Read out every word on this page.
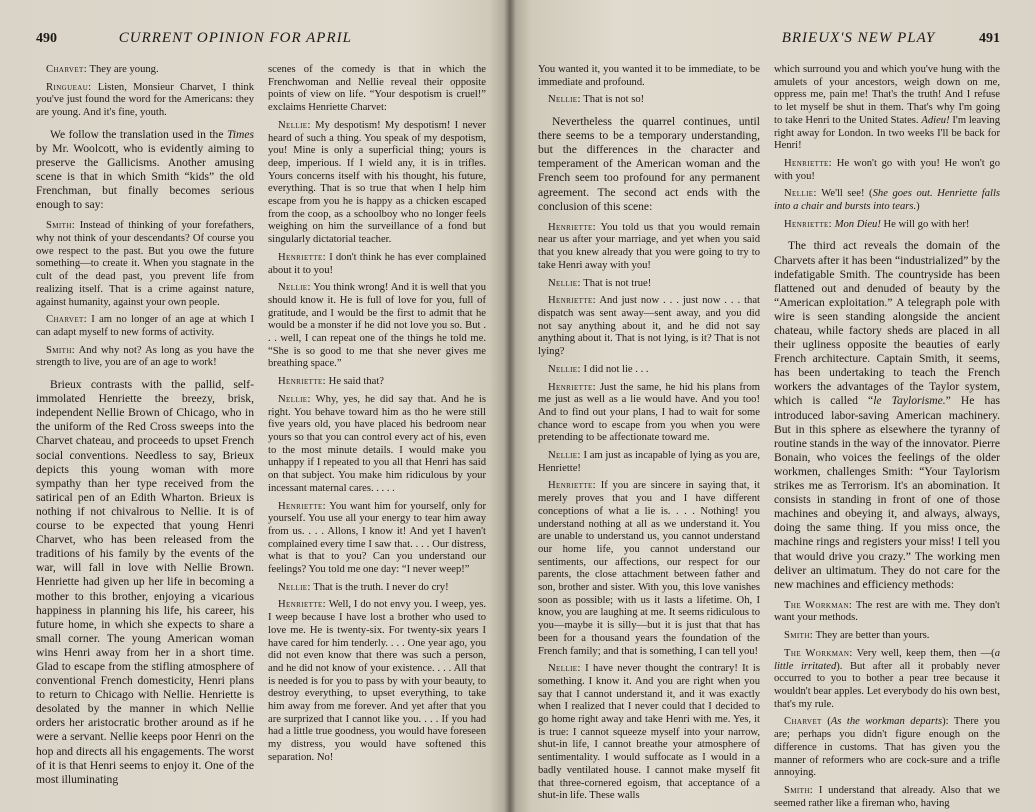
490	CURRENT OPINION FOR APRIL

Charvet: They are young.

Ringueau: Listen, Monsieur Charvet, I think you've just found the word for the Americans: they are young. And it's fine, youth.

We follow the translation used in the Times by Mr. Woolcott, who is evidently aiming to preserve the Gallicisms. Another amusing scene is that in which Smith “kids” the old Frenchman, but finally becomes serious enough to say:

Smith: Instead of thinking of your forefathers, why not think of your descendants? Of course you owe respect to the past. But you owe the future something—to create it. When you stagnate in the cult of the dead past, you prevent life from realizing itself. That is a crime against nature, against humanity, against your own people.

Charvet: I am no longer of an age at which I can adapt myself to new forms of activity.

Smith: And why not? As long as you have the strength to live, you are of an age to work!

Brieux contrasts with the pallid, self-immolated Henriette the breezy, brisk, independent Nellie Brown of Chicago, who in the uniform of the Red Cross sweeps into the Charvet chateau, and proceeds to upset French social conventions. Needless to say, Brieux depicts this young woman with more sympathy than her type received from the satirical pen of an Edith Wharton. Brieux is nothing if not chivalrous to Nellie. It is of course to be expected that young Henri Charvet, who has been released from the traditions of his family by the events of the war, will fall in love with Nellie Brown. Henriette had given up her life in becoming a mother to this brother, enjoying a vicarious happiness in planning his life, his career, his future home, in which she expects to share a small corner. The young American woman wins Henri away from her in a short time. Glad to escape from the stifling atmosphere of conventional French domesticity, Henri plans to return to Chicago with Nellie. Henriette is desolated by the manner in which Nellie orders her aristocratic brother around as if he were a servant. Nellie keeps poor Henri on the hop and directs all his engagements. The worst of it is that Henri seems to enjoy it. One of the most illuminating

scenes of the comedy is that in which the Frenchwoman and Nellie reveal their opposite points of view on life. “Your despotism is cruel!” exclaims Henriette Charvet:

Nellie: My despotism! My despotism! I never heard of such a thing. You speak of my despotism, you! Mine is only a superficial thing; yours is deep, imperious. If I wield any, it is in trifles. Yours concerns itself with his thought, his future, everything. That is so true that when I help him escape from you he is happy as a chicken escaped from the coop, as a schoolboy who no longer feels weighing on him the surveillance of a fond but singularly dictatorial teacher.

Henriette: I don't think he has ever complained about it to you!

Nellie: You think wrong! And it is well that you should know it. He is full of love for you, full of gratitude, and I would be the first to admit that he would be a monster if he did not love you so. But . . . well, I can repeat one of the things he told me. “She is so good to me that she never gives me breathing space.”

Henriette: He said that?

Nellie: Why, yes, he did say that. And he is right. You behave toward him as tho he were still five years old, you have placed his bedroom near yours so that you can control every act of his, even to the most minute details. I would make you unhappy if I repeated to you all that Henri has said on that subject. You make him ridiculous by your incessant maternal cares. . . . .

Henriette: You want him for yourself, only for yourself. You use all your energy to tear him away from us. . . . Allons, I know it! And yet I haven't complained every time I saw that. . . . Our distress, what is that to you? Can you understand our feelings? You told me one day: “I never weep!”

Nellie: That is the truth. I never do cry!

Henriette: Well, I do not envy you. I weep, yes. I weep because I have lost a brother who used to love me. He is twenty-six. For twenty-six years I have cared for him tenderly. . . . One year ago, you did not even know that there was such a person, and he did not know of your existence. . . . All that is needed is for you to pass by with your beauty, to destroy everything, to upset everything, to take him away from me forever. And yet after that you are surprized that I cannot like you. . . . If you had had a little true goodness, you would have foreseen my distress, you would have softened this separation. No!

BRIEUX'S NEW PLAY	491

You wanted it, you wanted it to be immediate, to be immediate and profound.

Nellie: That is not so!

Nevertheless the quarrel continues, until there seems to be a temporary understanding, but the differences in the character and temperament of the American woman and the French seem too profound for any permanent agreement. The second act ends with the conclusion of this scene:

Henriette: You told us that you would remain near us after your marriage, and yet when you said that you knew already that you were going to try to take Henri away with you!

Nellie: That is not true!

Henriette: And just now . . . just now . . . that dispatch was sent away—sent away, and you did not say anything about it, and he did not say anything about it. That is not lying, is it? That is not lying?

Nellie: I did not lie . . .

Henriette: Just the same, he hid his plans from me just as well as a lie would have. And you too! And to find out your plans, I had to wait for some chance word to escape from you when you were pretending to be affectionate toward me.

Nellie: I am just as incapable of lying as you are, Henriette!

Henriette: If you are sincere in saying that, it merely proves that you and I have different conceptions of what a lie is. . . . Nothing! you understand nothing at all as we understand it. You are unable to understand us, you cannot understand our home life, you cannot understand our sentiments, our affections, our respect for our parents, the close attachment between father and son, brother and sister. With you, this love vanishes soon as possible; with us it lasts a lifetime. Oh, I know, you are laughing at me. It seems ridiculous to you—maybe it is silly—but it is just that that has been for a thousand years the foundation of the French family; and that is something, I can tell you!

Nellie: I have never thought the contrary! It is something. I know it. And you are right when you say that I cannot understand it, and it was exactly when I realized that I never could that I decided to go home right away and take Henri with me. Yes, it is true: I cannot squeeze myself into your narrow, shut-in life, I cannot breathe your atmosphere of sentimentality. I would suffocate as I would in a badly ventilated house. I cannot make myself fit that three-cornered egoism, that acceptance of a shut-in life. These walls

which surround you and which you've hung with the amulets of your ancestors, weigh down on me, oppress me, pain me! That's the truth! And I refuse to let myself be shut in them. That's why I'm going to take Henri to the United States. Adieu! I'm leaving right away for London. In two weeks I'll be back for Henri!

Henriette: He won't go with you! He won't go with you!

Nellie: We'll see! (She goes out. Henriette falls into a chair and bursts into tears.)

Henriette: Mon Dieu! He will go with her!

The third act reveals the domain of the Charvets after it has been “industrialized” by the indefatigable Smith. The countryside has been flattened out and denuded of beauty by the “American exploitation.” A telegraph pole with wire is seen standing alongside the ancient chateau, while factory sheds are placed in all their ugliness opposite the beauties of early French architecture. Captain Smith, it seems, has been undertaking to teach the French workers the advantages of the Taylor system, which is called “le Taylorisme.” He has introduced labor-saving American machinery. But in this sphere as elsewhere the tyranny of routine stands in the way of the innovator. Pierre Bonain, who voices the feelings of the older workmen, challenges Smith: “Your Taylorism strikes me as Terrorism. It's an abomination. It consists in standing in front of one of those machines and obeying it, and always, always, doing the same thing. If you miss once, the machine rings and registers your miss! I tell you that would drive you crazy.” The working men deliver an ultimatum. They do not care for the new machines and efficiency methods:

The Workman: The rest are with me. They don't want your methods.

Smith: They are better than yours.

The Workman: Very well, keep them, then —(a little irritated). But after all it probably never occurred to you to bother a pear tree because it wouldn't bear apples. Let everybody do his own best, that's my rule.

Charvet (As the workman departs): There you are; perhaps you didn't figure enough on the difference in customs. That has given you the manner of reformers who are cock-sure and a trifle annoying.

Smith: I understand that already. Also that we seemed rather like a fireman who, having
